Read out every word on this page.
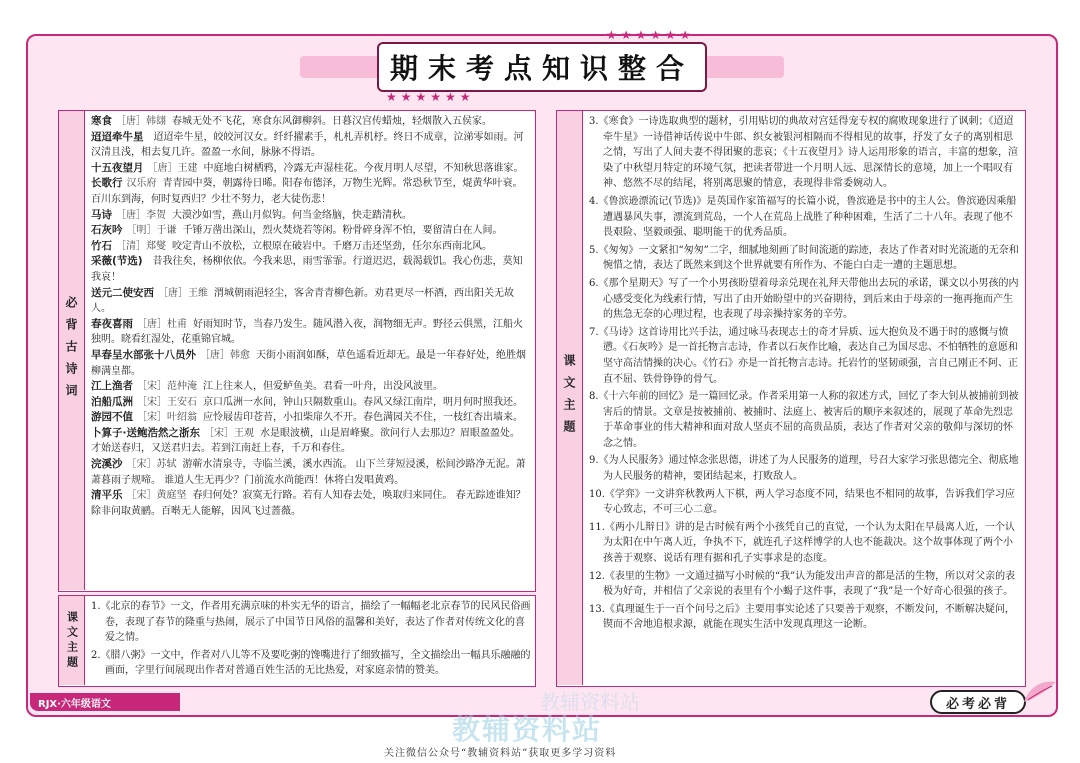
★★★★★★
期末考点知识整合
★★★★★★
必背古诗词

寒食 ［唐］韩翃 春城无处不飞花，寒食东风御柳斜。日暮汉宫传蜡烛，轻烟散入五侯家。

迢迢牵牛星 迢迢牵牛星，皎皎河汉女。纤纤擢素手，札札弄机杼。终日不成章，泣涕零如雨。河汉清且浅，相去复几许。盈盈一水间，脉脉不得语。

十五夜望月 ［唐］王建 中庭地白树栖鸦，冷露无声湿桂花。今夜月明人尽望，不知秋思落谁家。

长歌行 汉乐府 青青园中葵，朝露待日晞。阳春布德泽，万物生光辉。常恐秋节至，焜黄华叶衰。百川东到海，何时复西归？少壮不努力，老大徒伤悲！

马诗 ［唐］李贺 大漠沙如雪，燕山月似钩。何当金络脑，快走踏清秋。

石灰吟 ［明］于谦 千锤万凿出深山，烈火焚烧若等闲。粉骨碎身浑不怕，要留清白在人间。

竹石 ［清］郑燮 咬定青山不放松，立根原在破岩中。千磨万击还坚劲，任尔东西南北风。

采薇(节选) 昔我往矣，杨柳依依。今我来思，雨雪霏霏。行道迟迟，载渴载饥。我心伤悲，莫知我哀！

送元二使安西 ［唐］王维 渭城朝雨浥轻尘，客舍青青柳色新。劝君更尽一杯酒，西出阳关无故人。

春夜喜雨 ［唐］杜甫 好雨知时节，当春乃发生。随风潜入夜，润物细无声。野径云俱黑，江船火独明。晓看红湿处，花重锦官城。

早春呈水部张十八员外 ［唐］韩愈 天街小雨润如酥，草色遥看近却无。最是一年春好处，绝胜烟柳满皇都。

江上渔者 ［宋］范仲淹 江上往来人，但爱鲈鱼美。君看一叶舟，出没风波里。

泊船瓜洲 ［宋］王安石 京口瓜洲一水间，钟山只隔数重山。春风又绿江南岸，明月何时照我还。

游园不值 ［宋］叶绍翁 应怜屐齿印苍苔，小扣柴扉久不开。春色满园关不住，一枝红杏出墙来。

卜算子·送鲍浩然之浙东 ［宋］王观 水是眼波横，山是眉峰聚。欲问行人去那边？眉眼盈盈处。 才始送春归，又送君归去。若到江南赶上春，千万和春住。

浣溪沙 ［宋］苏轼 游蕲水清泉寺，寺临兰溪，溪水西流。 山下兰芽短浸溪，松间沙路净无泥。萧萧暮雨子规啼。 谁道人生无再少？门前流水尚能西！休将白发唱黄鸡。

清平乐 ［宋］黄庭坚 春归何处？寂寞无行路。若有人知春去处，唤取归来同住。 春无踪迹谁知？除非问取黄鹂。百啭无人能解，因风飞过蔷薇。

课文主题

1.《北京的春节》一文，作者用充满京味的朴实无华的语言，描绘了一幅幅老北京春节的民风民俗画卷，表现了春节的隆重与热闹，展示了中国节日风俗的温馨和美好，表达了作者对传统文化的喜爱之情。

2.《腊八粥》一文中，作者对八儿等不及要吃粥的馋嘴进行了细致描写，全文描绘出一幅具乐融融的画面，字里行间展现出作者对普通百姓生活的无比热爱，对家庭亲情的赞美。

课文主题

3.《寒食》一诗选取典型的题材，引用贴切的典故对宫廷得宠专权的腐败现象进行了讽刺；《迢迢牵牛星》一诗借神话传说中牛郎、织女被银河相隔而不得相见的故事，抒发了女子的离别相思之情，写出了人间夫妻不得团聚的悲哀；《十五夜望月》诗人运用形象的语言，丰富的想象，渲染了中秋望月特定的环境气氛，把读者带进一个月明人远、思深情长的意境，加上一个唱叹有神、悠然不尽的结尾，将别离思聚的情意，表现得非常委婉动人。

4.《鲁滨逊漂流记(节选)》是英国作家笛福写的长篇小说，鲁滨逊是书中的主人公。鲁滨逊因乘船遭遇暴风失事，漂流到荒岛，一个人在荒岛上战胜了种种困难，生活了二十八年。表现了他不畏艰险、坚毅顽强、聪明能干的优秀品质。

5.《匆匆》一文紧扣“匆匆”二字，细腻地刻画了时间流逝的踪迹，表达了作者对时光流逝的无奈和惋惜之情，表达了既然来到这个世界就要有所作为、不能白白走一遭的主题思想。

6.《那个星期天》写了一个小男孩盼望着母亲兑现在礼拜天带他出去玩的承诺，课文以小男孩的内心感受变化为线索行情，写出了由开始盼望中的兴奋期待，到后来由于母亲的一拖再拖而产生的焦急无奈的心理过程，也表现了母亲操持家务的辛劳。

7.《马诗》这首诗用比兴手法，通过咏马表现志士的奇才异质、远大抱负及不遇于时的感慨与愤懑。《石灰吟》是一首托物言志诗，作者以石灰作比喻，表达自己为国尽忠、不怕牺牲的意愿和坚守高洁情操的决心。《竹石》亦是一首托物言志诗。托岩竹的坚韧顽强，言自己刚正不阿、正直不屈、铁骨铮铮的骨气。

8.《十六年前的回忆》是一篇回忆录。作者采用第一人称的叙述方式，回忆了李大钊从被捕前到被害后的情景。文章是按被捕前、被捕时、法庭上、被害后的顺序来叙述的，展现了革命先烈忠于革命事业的伟大精神和面对敌人坚贞不屈的高贵品质，表达了作者对父亲的敬仰与深切的怀念之情。

9.《为人民服务》通过悼念张思德，讲述了为人民服务的道理，号召大家学习张思德完全、彻底地为人民服务的精神，要团结起来，打败敌人。

10.《学弈》一文讲弈秋教两人下棋，两人学习态度不同，结果也不相同的故事，告诉我们学习应专心致志，不可三心二意。

11.《两小儿辩日》讲的是古时候有两个小孩凭自己的直觉，一个认为太阳在早晨离人近，一个认为太阳在中午离人近，争执不下，就连孔子这样博学的人也不能裁决。这个故事体现了两个小孩善于观察、说话有理有据和孔子实事求是的态度。

12.《表里的生物》一文通过描写小时候的“我”认为能发出声音的都是活的生物，所以对父亲的表极为好奇，并相信了父亲说的表里有个小蝎子这件事，表现了“我”是一个好奇心很强的孩子。

13.《真理诞生于一百个问号之后》主要用事实论述了只要善于观察，不断发问，不断解决疑问，锲而不舍地追根求源，就能在现实生活中发现真理这一论断。

RJX·六年级语文	教辅资料站
教辅资料站
必考必背
关注微信公众号“教辅资料站”获取更多学习资料
